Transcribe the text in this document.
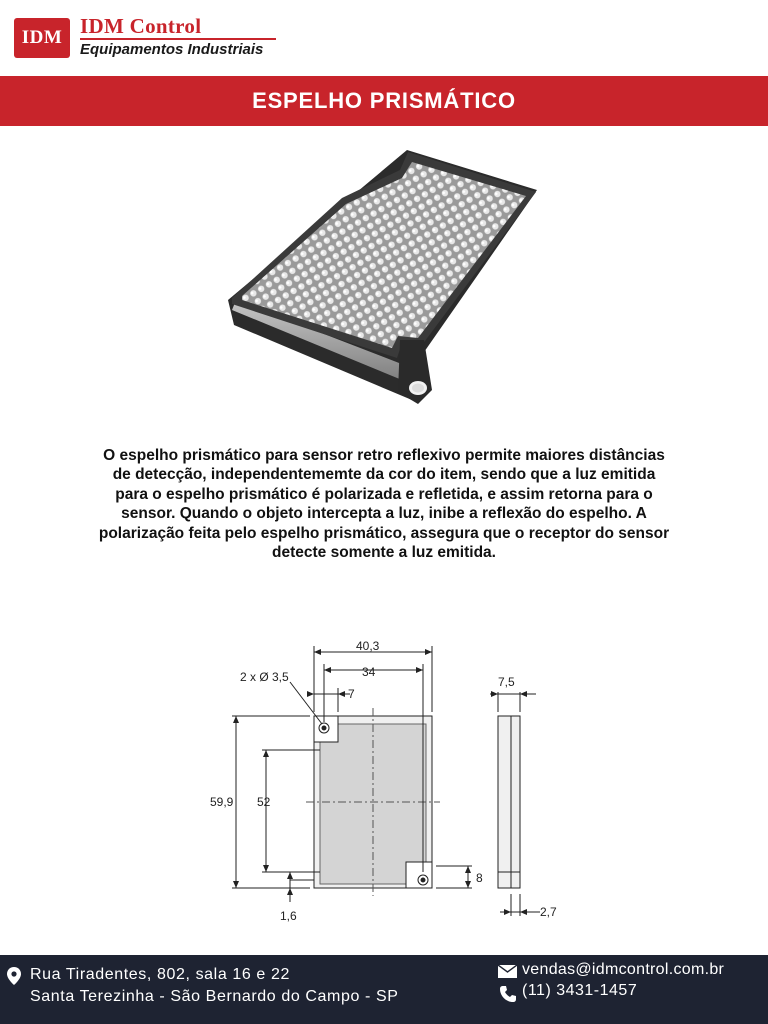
IDM IDM Control
Equipamentos Industriais
ESPELHO PRISMÁTICO

O espelho prismático para sensor retro reflexivo permite maiores distâncias de detecção, independentememte da cor do item, sendo que a luz emitida para o espelho prismático é polarizada e refletida, e assim retorna para o sensor. Quando o objeto intercepta a luz, inibe a reflexão do espelho. A polarização feita pelo espelho prismático, assegura que o receptor do sensor detecte somente a luz emitida.

40,3
34
7
2 x Ø 3,5
59,9 52
1,6
8
7,5
2,7
Rua Tiradentes, 802, sala 16 e 22
Santa Terezinha - São Bernardo do Campo - SP
vendas@idmcontrol.com.br
(11) 3431-1457
